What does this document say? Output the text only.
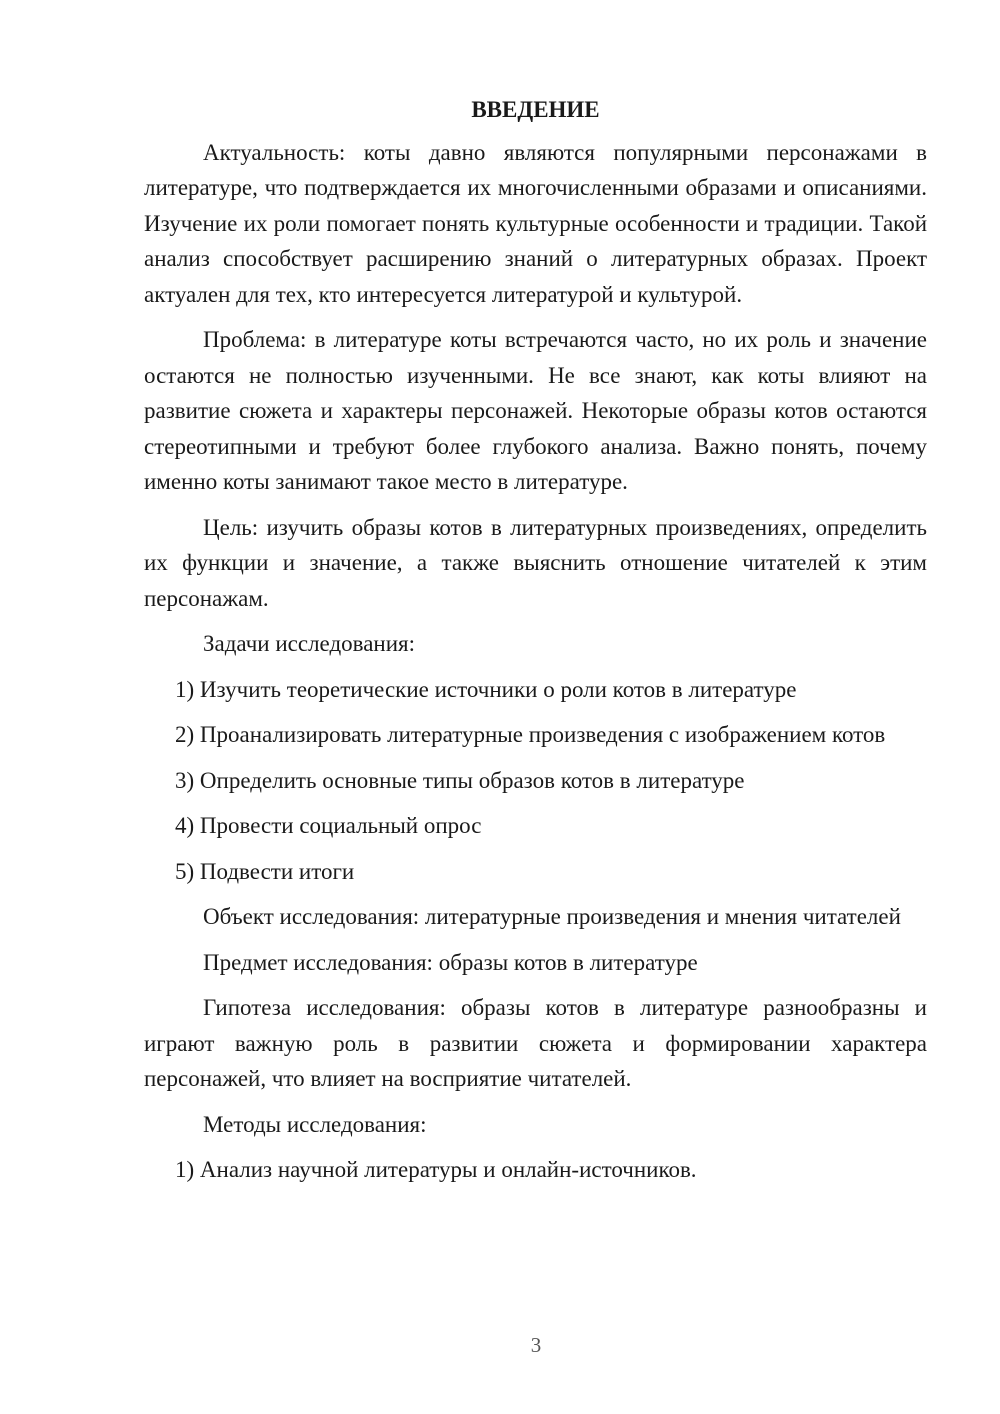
ВВЕДЕНИЕ

Актуальность: коты давно являются популярными персонажами в литературе, что подтверждается их многочисленными образами и описаниями. Изучение их роли помогает понять культурные особенности и традиции. Такой анализ способствует расширению знаний о литературных образах. Проект актуален для тех, кто интересуется литературой и культурой.

Проблема: в литературе коты встречаются часто, но их роль и значение остаются не полностью изученными. Не все знают, как коты влияют на развитие сюжета и характеры персонажей. Некоторые образы котов остаются стереотипными и требуют более глубокого анализа. Важно понять, почему именно коты занимают такое место в литературе.

Цель: изучить образы котов в литературных произведениях, определить их функции и значение, а также выяснить отношение читателей к этим персонажам.

Задачи исследования:

1) Изучить теоретические источники о роли котов в литературе

2) Проанализировать литературные произведения с изображением котов

3) Определить основные типы образов котов в литературе

4) Провести социальный опрос

5) Подвести итоги

Объект исследования: литературные произведения и мнения читателей

Предмет исследования: образы котов в литературе

Гипотеза исследования: образы котов в литературе разнообразны и играют важную роль в развитии сюжета и формировании характера персонажей, что влияет на восприятие читателей.

Методы исследования:

1) Анализ научной литературы и онлайн-источников.

3
